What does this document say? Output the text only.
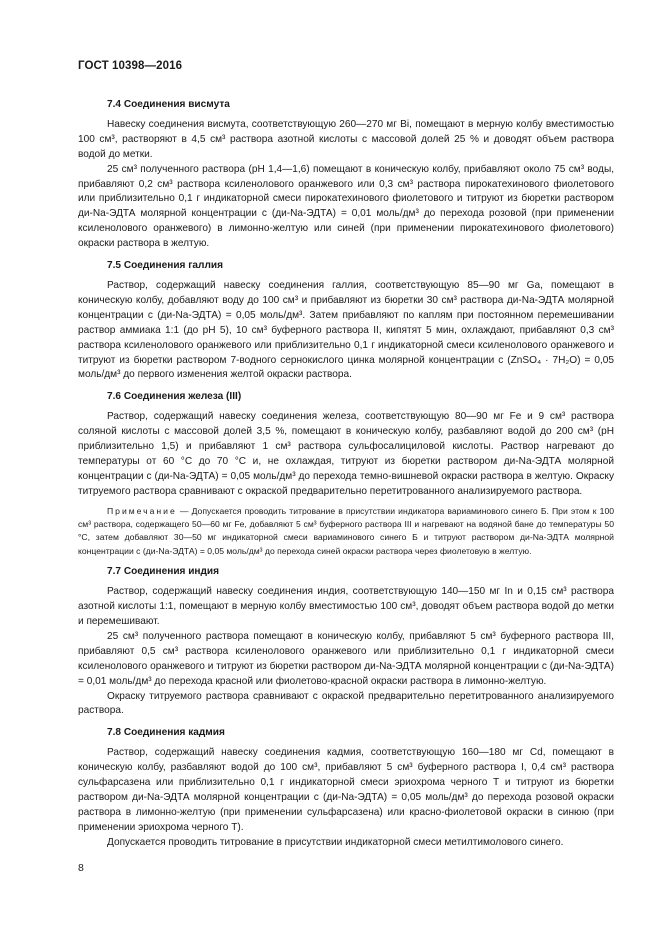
ГОСТ 10398—2016
7.4 Соединения висмута

Навеску соединения висмута, соответствующую 260—270 мг Bi, помещают в мерную колбу вместимостью 100 см³, растворяют в 4,5 см³ раствора азотной кислоты с массовой долей 25 % и доводят объем раствора водой до метки.

25 см³ полученного раствора (pH 1,4—1,6) помещают в коническую колбу, прибавляют около 75 см³ воды, прибавляют 0,2 см³ раствора ксиленолового оранжевого или 0,3 см³ раствора пирокатехинового фиолетового или приблизительно 0,1 г индикаторной смеси пирокатехинового фиолетового и титруют из бюретки раствором ди-Na-ЭДТА молярной концентрации c (ди-Na-ЭДТА) = 0,01 моль/дм³ до перехода розовой (при применении ксиленолового оранжевого) в лимонно-желтую или синей (при применении пирокатехинового фиолетового) окраски раствора в желтую.

7.5 Соединения галлия

Раствор, содержащий навеску соединения галлия, соответствующую 85—90 мг Ga, помещают в коническую колбу, добавляют воду до 100 см³ и прибавляют из бюретки 30 см³ раствора ди-Na-ЭДТА молярной концентрации c (ди-Na-ЭДТА) = 0,05 моль/дм³. Затем прибавляют по каплям при постоянном перемешивании раствор аммиака 1:1 (до pH 5), 10 см³ буферного раствора II, кипятят 5 мин, охлаждают, прибавляют 0,3 см³ раствора ксиленолового оранжевого или приблизительно 0,1 г индикаторной смеси ксиленолового оранжевого и титруют из бюретки раствором 7-водного сернокислого цинка молярной концентрации c (ZnSO₄ · 7H₂O) = 0,05 моль/дм³ до первого изменения желтой окраски раствора.

7.6 Соединения железа (III)

Раствор, содержащий навеску соединения железа, соответствующую 80—90 мг Fe и 9 см³ раствора соляной кислоты с массовой долей 3,5 %, помещают в коническую колбу, разбавляют водой до 200 см³ (pH приблизительно 1,5) и прибавляют 1 см³ раствора сульфосалициловой кислоты. Раствор нагревают до температуры от 60 °C до 70 °C и, не охлаждая, титруют из бюретки раствором ди-Na-ЭДТА молярной концентрации c (ди-Na-ЭДТА) = 0,05 моль/дм³ до перехода темно-вишневой окраски раствора в желтую. Окраску титруемого раствора сравнивают с окраской предварительно перетитрованного анализируемого раствора.

Примечание — Допускается проводить титрование в присутствии индикатора вариаминового синего Б. При этом к 100 см³ раствора, содержащего 50—60 мг Fe, добавляют 5 см³ буферного раствора III и нагревают на водяной бане до температуры 50 °C, затем добавляют 30—50 мг индикаторной смеси вариаминового синего Б и титруют раствором ди-Na-ЭДТА молярной концентрации c (ди-Na-ЭДТА) = 0,05 моль/дм³ до перехода синей окраски раствора через фиолетовую в желтую.

7.7 Соединения индия

Раствор, содержащий навеску соединения индия, соответствующую 140—150 мг In и 0,15 см³ раствора азотной кислоты 1:1, помещают в мерную колбу вместимостью 100 см³, доводят объем раствора водой до метки и перемешивают.

25 см³ полученного раствора помещают в коническую колбу, прибавляют 5 см³ буферного раствора III, прибавляют 0,5 см³ раствора ксиленолового оранжевого или приблизительно 0,1 г индикаторной смеси ксиленолового оранжевого и титруют из бюретки раствором ди-Na-ЭДТА молярной концентрации c (ди-Na-ЭДТА) = 0,01 моль/дм³ до перехода красной или фиолетово-красной окраски раствора в лимонно-желтую.

Окраску титруемого раствора сравнивают с окраской предварительно перетитрованного анализируемого раствора.

7.8 Соединения кадмия

Раствор, содержащий навеску соединения кадмия, соответствующую 160—180 мг Cd, помещают в коническую колбу, разбавляют водой до 100 см³, прибавляют 5 см³ буферного раствора I, 0,4 см³ раствора сульфарсазена или приблизительно 0,1 г индикаторной смеси эриохрома черного Т и титруют из бюретки раствором ди-Na-ЭДТА молярной концентрации c (ди-Na-ЭДТА) = 0,05 моль/дм³ до перехода розовой окраски раствора в лимонно-желтую (при применении сульфарсазена) или красно-фиолетовой окраски в синюю (при применении эриохрома черного Т).

Допускается проводить титрование в присутствии индикаторной смеси метилтимолового синего.

8
